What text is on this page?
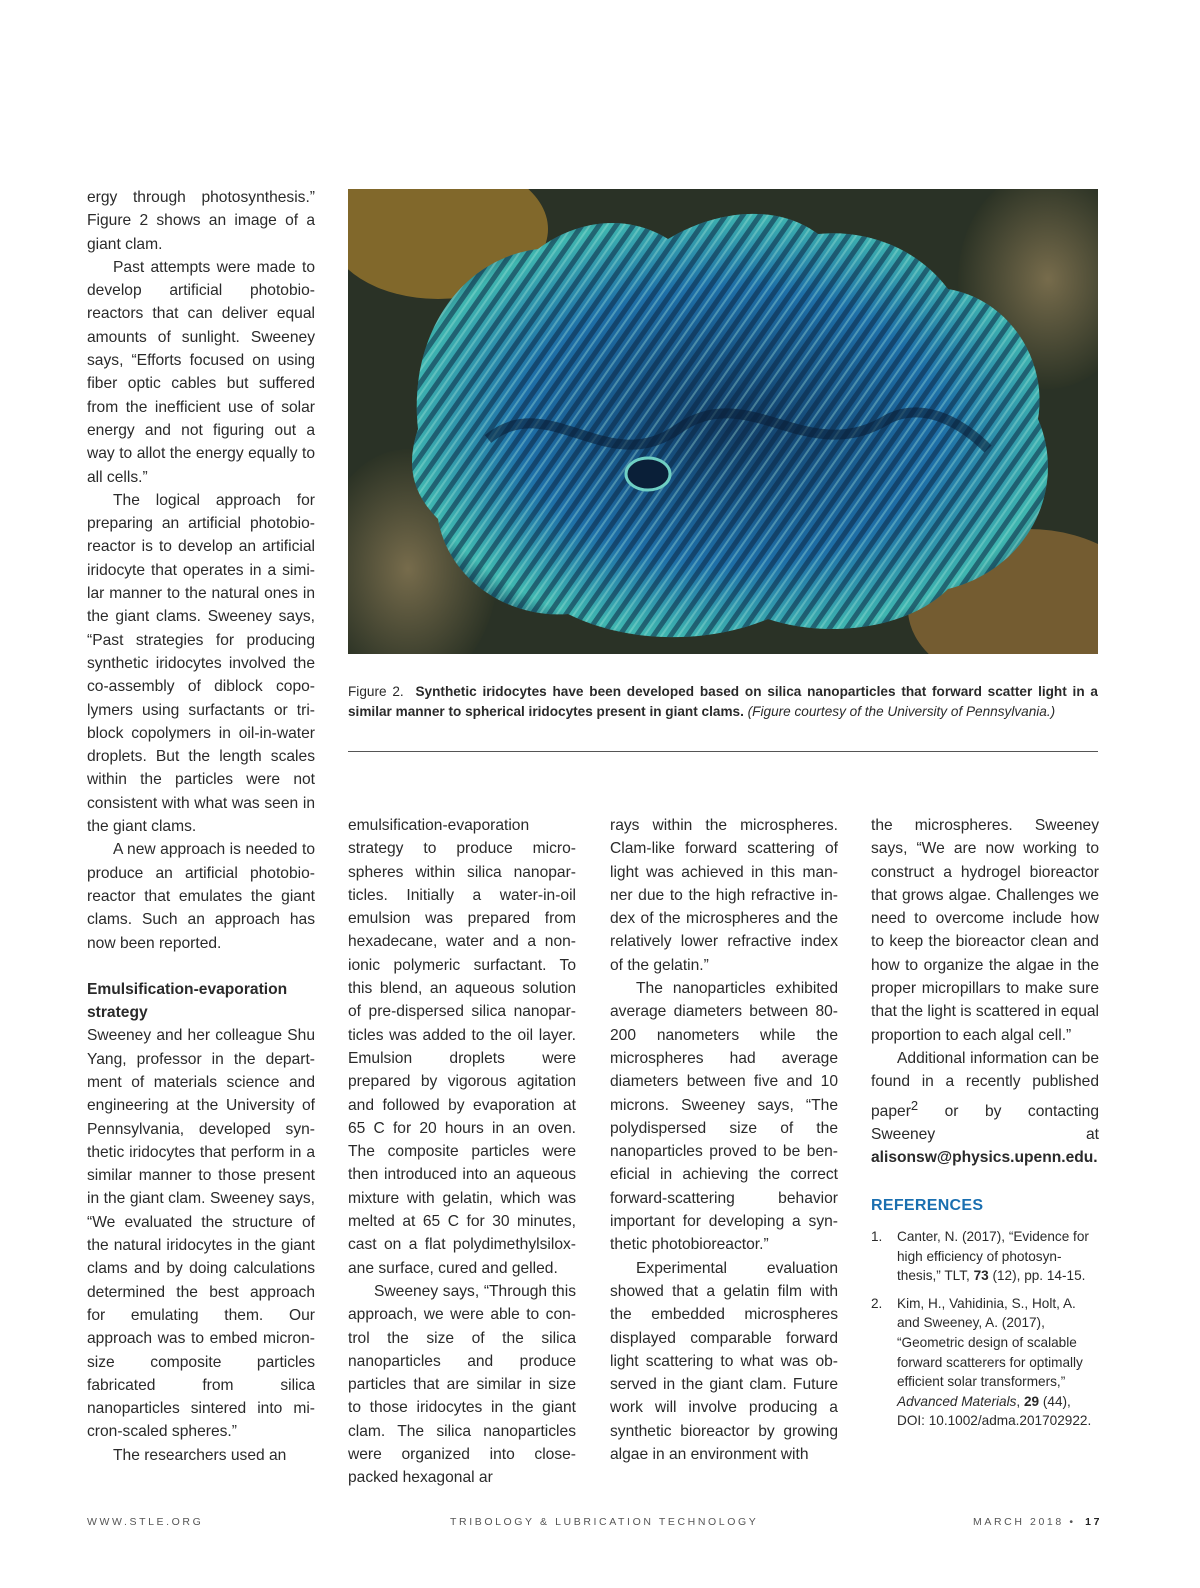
ergy through photosynthesis.” Figure 2 shows an image of a giant clam.

Past attempts were made to develop artificial photobioreactors that can deliver equal amounts of sunlight. Sweeney says, “Efforts focused on using fiber optic cables but suffered from the inefficient use of solar energy and not figuring out a way to allot the energy equally to all cells.”

The logical approach for preparing an artificial photobioreactor is to develop an artificial iridocyte that operates in a similar manner to the natural ones in the giant clams. Sweeney says, “Past strategies for producing synthetic iridocytes involved the co-assembly of diblock copolymers using surfactants or triblock copolymers in oil-in-water droplets. But the length scales within the particles were not consistent with what was seen in the giant clams.

A new approach is needed to produce an artificial photobioreactor that emulates the giant clams. Such an approach has now been reported.

Emulsification-evaporation strategy

Sweeney and her colleague Shu Yang, professor in the department of materials science and engineering at the University of Pennsylvania, developed synthetic iridocytes that perform in a similar manner to those present in the giant clam. Sweeney says, “We evaluated the structure of the natural iridocytes in the giant clams and by doing calculations determined the best approach for emulating them. Our approach was to embed micron-size composite particles fabricated from silica nanoparticles sintered into micron-scaled spheres.”

The researchers used an

Figure 2. Synthetic iridocytes have been developed based on silica nanoparticles that forward scatter light in a similar manner to spherical iridocytes present in giant clams. (Figure courtesy of the University of Pennsylvania.)

emulsification-evaporation strategy to produce microspheres within silica nanoparticles. Initially a water-in-oil emulsion was prepared from hexadecane, water and a nonionic polymeric surfactant. To this blend, an aqueous solution of pre-dispersed silica nanoparticles was added to the oil layer. Emulsion droplets were prepared by vigorous agitation and followed by evaporation at 65 C for 20 hours in an oven. The composite particles were then introduced into an aqueous mixture with gelatin, which was melted at 65 C for 30 minutes, cast on a flat polydimethylsiloxane surface, cured and gelled.

Sweeney says, “Through this approach, we were able to control the size of the silica nanoparticles and produce particles that are similar in size to those iridocytes in the giant clam. The silica nanoparticles were organized into close-packed hexagonal ar

rays within the microspheres. Clam-like forward scattering of light was achieved in this manner due to the high refractive index of the microspheres and the relatively lower refractive index of the gelatin.”

The nanoparticles exhibited average diameters between 80-200 nanometers while the microspheres had average diameters between five and 10 microns. Sweeney says, “The polydispersed size of the nanoparticles proved to be beneficial in achieving the correct forward-scattering behavior important for developing a synthetic photobioreactor.”

Experimental evaluation showed that a gelatin film with the embedded microspheres displayed comparable forward light scattering to what was observed in the giant clam. Future work will involve producing a synthetic bioreactor by growing algae in an environment with

the microspheres. Sweeney says, “We are now working to construct a hydrogel bioreactor that grows algae. Challenges we need to overcome include how to keep the bioreactor clean and how to organize the algae in the proper micropillars to make sure that the light is scattered in equal proportion to each algal cell.”

Additional information can be found in a recently published paper$^2$ or by contacting Sweeney at alisonsw@physics.upenn.edu.

REFERENCES
1.	Canter, N. (2017), “Evidence for high efficiency of photosynthesis,” TLT, 73 (12), pp. 14-15.
2.	Kim, H., Vahidinia, S., Holt, A. and Sweeney, A. (2017), “Geometric design of scalable forward scatterers for optimally efficient solar transformers,” Advanced Materials, 29 (44), DOI: 10.1002/adma.201702922.
WWW.STLE.ORG	TRIBOLOGY & LUBRICATION TECHNOLOGY	MARCH 2018 • 17
